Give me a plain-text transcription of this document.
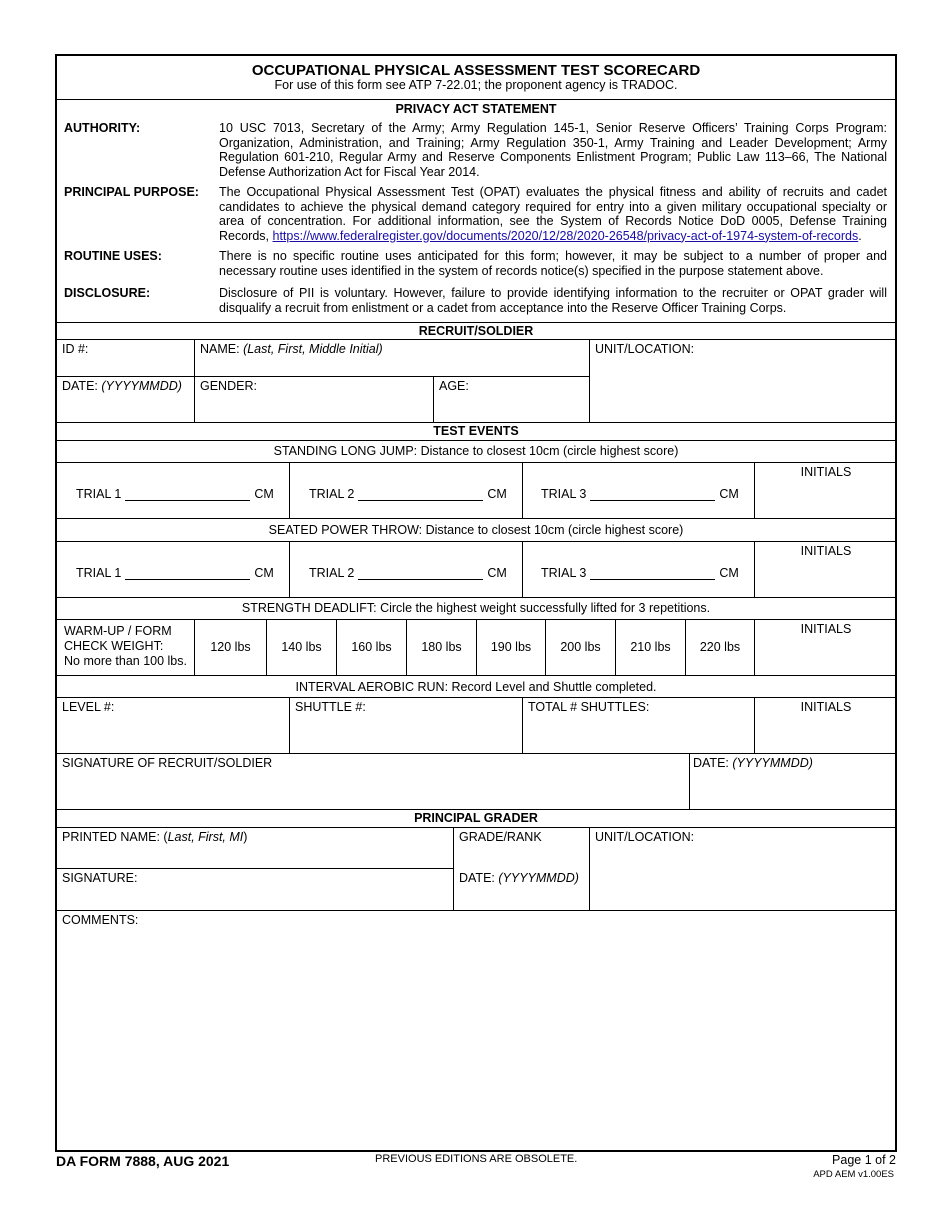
OCCUPATIONAL PHYSICAL ASSESSMENT TEST SCORECARD
For use of this form see ATP 7-22.01; the proponent agency is TRADOC.
PRIVACY ACT STATEMENT
AUTHORITY:	10 USC 7013, Secretary of the Army; Army Regulation 145-1, Senior Reserve Officers’ Training Corps Program: Organization, Administration, and Training; Army Regulation 350-1, Army Training and Leader Development; Army Regulation 601-210, Regular Army and Reserve Components Enlistment Program; Public Law 113–66, The National Defense Authorization Act for Fiscal Year 2014.
PRINCIPAL PURPOSE: The Occupational Physical Assessment Test (OPAT) evaluates the physical fitness and ability of recruits and cadet candidates to achieve the physical demand category required for entry into a given military occupational specialty or area of concentration. For additional information, see the System of Records Notice DoD 0005, Defense Training Records, https://www.federalregister.gov/documents/2020/12/28/2020-26548/privacy-act-of-1974-system-of-records.
ROUTINE USES:	There is no specific routine uses anticipated for this form; however, it may be subject to a number of proper and necessary routine uses identified in the system of records notice(s) specified in the purpose statement above.
DISCLOSURE:	Disclosure of PII is voluntary. However, failure to provide identifying information to the recruiter or OPAT grader will disqualify a recruit from enlistment or a cadet from acceptance into the Reserve Officer Training Corps.
RECRUIT/SOLDIER
ID #:	NAME: (Last, First, Middle Initial)	UNIT/LOCATION:
DATE: (YYYYMMDD) GENDER:	AGE:
TEST EVENTS
STANDING LONG JUMP: Distance to closest 10cm (circle highest score)
TRIAL 1	CM	TRIAL 2	CM	TRIAL 3	CM
INITIALS
SEATED POWER THROW: Distance to closest 10cm (circle highest score)
TRIAL 1	CM	TRIAL 2	CM	TRIAL 3	CM
INITIALS
STRENGTH DEADLIFT: Circle the highest weight successfully lifted for 3 repetitions.
WARM-UP / FORM
CHECK WEIGHT:
No more than 100 lbs.
120 lbs	140 lbs	160 lbs	180 lbs	190 lbs	200 lbs	210 lbs	220 lbs
INITIALS
INTERVAL AEROBIC RUN: Record Level and Shuttle completed.
LEVEL #:	SHUTTLE #:	TOTAL # SHUTTLES:	INITIALS
SIGNATURE OF RECRUIT/SOLDIER	DATE: (YYYYMMDD)
PRINCIPAL GRADER
PRINTED NAME: (Last, First, MI)	GRADE/RANK	UNIT/LOCATION:
SIGNATURE:	DATE: (YYYYMMDD)
COMMENTS:
DA FORM 7888, AUG 2021	PREVIOUS EDITIONS ARE OBSOLETE.	Page 1 of 2
APD AEM v1.00ES
